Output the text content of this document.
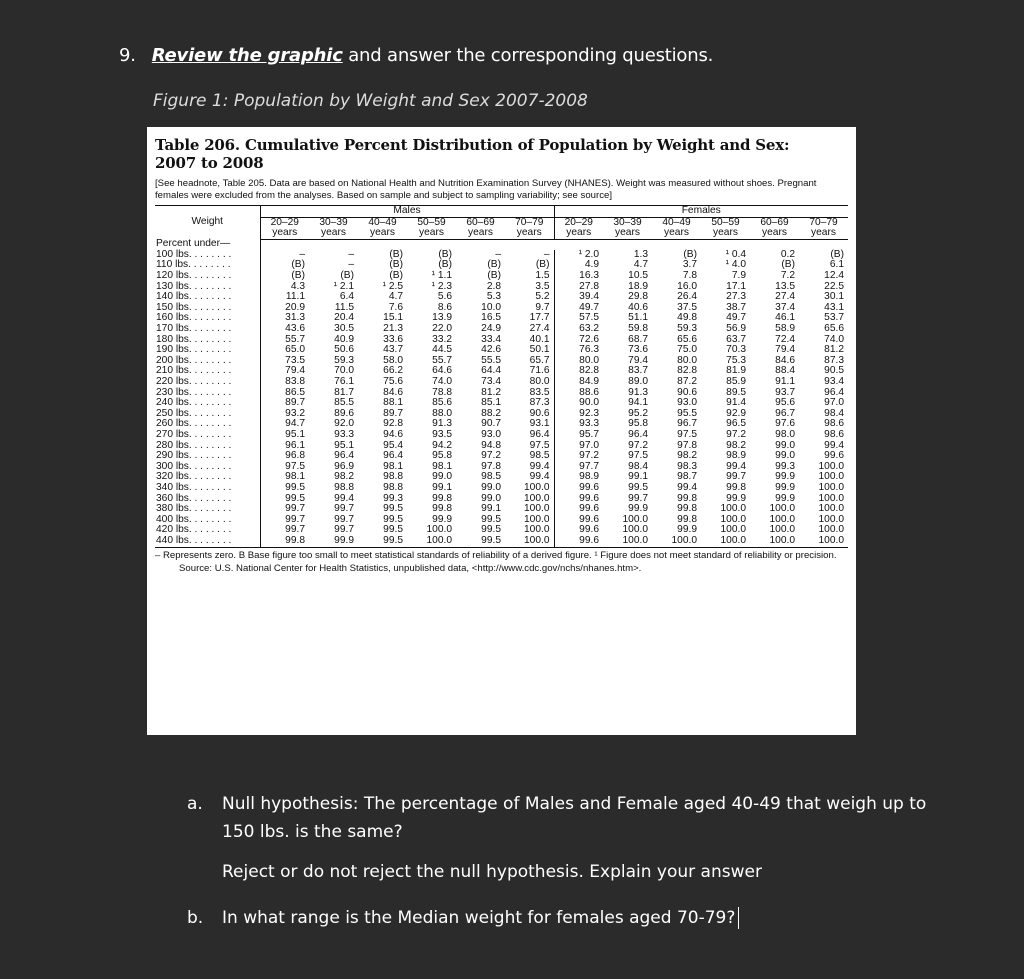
9. Review the graphic and answer the corresponding questions.
Figure 1: Population by Weight and Sex 2007-2008
Table 206. Cumulative Percent Distribution of Population by Weight and Sex:
2007 to 2008
[See headnote, Table 205. Data are based on National Health and Nutrition Examination Survey (NHANES). Weight was measured without shoes. Pregnant females were excluded from the analyses. Based on sample and subject to sampling variability; see source]
Weight	Males						Females					
	20–29 years	30–39 years	40–49 years	50–59 years	60–69 years	70–79 years	20–29 years	30–39 years	40–49 years	50–59 years	60–69 years	70–79 years
Percent under—												
100 lbs. . . . . . . .	–	–	(B)	(B)	–	–	¹ 2.0	1.3	(B)	¹ 0.4	0.2	(B)
110 lbs. . . . . . . .	(B)	–	(B)	(B)	(B)	(B)	4.9	4.7	3.7	¹ 4.0	(B)	6.1
120 lbs. . . . . . . .	(B)	(B)	(B)	¹ 1.1	(B)	1.5	16.3	10.5	7.8	7.9	7.2	12.4
130 lbs. . . . . . . .	4.3	¹ 2.1	¹ 2.5	¹ 2.3	2.8	3.5	27.8	18.9	16.0	17.1	13.5	22.5
140 lbs. . . . . . . .	11.1	6.4	4.7	5.6	5.3	5.2	39.4	29.8	26.4	27.3	27.4	30.1
150 lbs. . . . . . . .	20.9	11.5	7.6	8.6	10.0	9.7	49.7	40.6	37.5	38.7	37.4	43.1
160 lbs. . . . . . . .	31.3	20.4	15.1	13.9	16.5	17.7	57.5	51.1	49.8	49.7	46.1	53.7
170 lbs. . . . . . . .	43.6	30.5	21.3	22.0	24.9	27.4	63.2	59.8	59.3	56.9	58.9	65.6
180 lbs. . . . . . . .	55.7	40.9	33.6	33.2	33.4	40.1	72.6	68.7	65.6	63.7	72.4	74.0
190 lbs. . . . . . . .	65.0	50.6	43.7	44.5	42.6	50.1	76.3	73.6	75.0	70.3	79.4	81.2
200 lbs. . . . . . . .	73.5	59.3	58.0	55.7	55.5	65.7	80.0	79.4	80.0	75.3	84.6	87.3
210 lbs. . . . . . . .	79.4	70.0	66.2	64.6	64.4	71.6	82.8	83.7	82.8	81.9	88.4	90.5
220 lbs. . . . . . . .	83.8	76.1	75.6	74.0	73.4	80.0	84.9	89.0	87.2	85.9	91.1	93.4
230 lbs. . . . . . . .	86.5	81.7	84.6	78.8	81.2	83.5	88.6	91.3	90.6	89.5	93.7	96.4
240 lbs. . . . . . . .	89.7	85.5	88.1	85.6	85.1	87.3	90.0	94.1	93.0	91.4	95.6	97.0
250 lbs. . . . . . . .	93.2	89.6	89.7	88.0	88.2	90.6	92.3	95.2	95.5	92.9	96.7	98.4
260 lbs. . . . . . . .	94.7	92.0	92.8	91.3	90.7	93.1	93.3	95.8	96.7	96.5	97.6	98.6
270 lbs. . . . . . . .	95.1	93.3	94.6	93.5	93.0	96.4	95.7	96.4	97.5	97.2	98.0	98.6
280 lbs. . . . . . . .	96.1	95.1	95.4	94.2	94.8	97.5	97.0	97.2	97.8	98.2	99.0	99.4
290 lbs. . . . . . . .	96.8	96.4	96.4	95.8	97.2	98.5	97.2	97.5	98.2	98.9	99.0	99.6
300 lbs. . . . . . . .	97.5	96.9	98.1	98.1	97.8	99.4	97.7	98.4	98.3	99.4	99.3	100.0
320 lbs. . . . . . . .	98.1	98.2	98.8	99.0	98.5	99.4	98.9	99.1	98.7	99.7	99.9	100.0
340 lbs. . . . . . . .	99.5	98.8	98.8	99.1	99.0	100.0	99.6	99.5	99.4	99.8	99.9	100.0
360 lbs. . . . . . . .	99.5	99.4	99.3	99.8	99.0	100.0	99.6	99.7	99.8	99.9	99.9	100.0
380 lbs. . . . . . . .	99.7	99.7	99.5	99.8	99.1	100.0	99.6	99.9	99.8	100.0	100.0	100.0
400 lbs. . . . . . . .	99.7	99.7	99.5	99.9	99.5	100.0	99.6	100.0	99.8	100.0	100.0	100.0
420 lbs. . . . . . . .	99.7	99.7	99.5	100.0	99.5	100.0	99.6	100.0	99.9	100.0	100.0	100.0
440 lbs. . . . . . . .	99.8	99.9	99.5	100.0	99.5	100.0	99.6	100.0	100.0	100.0	100.0	100.0
– Represents zero. B Base figure too small to meet statistical standards of reliability of a derived figure. ¹ Figure does not meet standard of reliability or precision.
Source: U.S. National Center for Health Statistics, unpublished data, <http://www.cdc.gov/nchs/nhanes.htm>.
a. Null hypothesis: The percentage of Males and Female aged 40-49 that weigh up to 150 lbs. is the same?
Reject or do not reject the null hypothesis. Explain your answer
b. In what range is the Median weight for females aged 70-79?
